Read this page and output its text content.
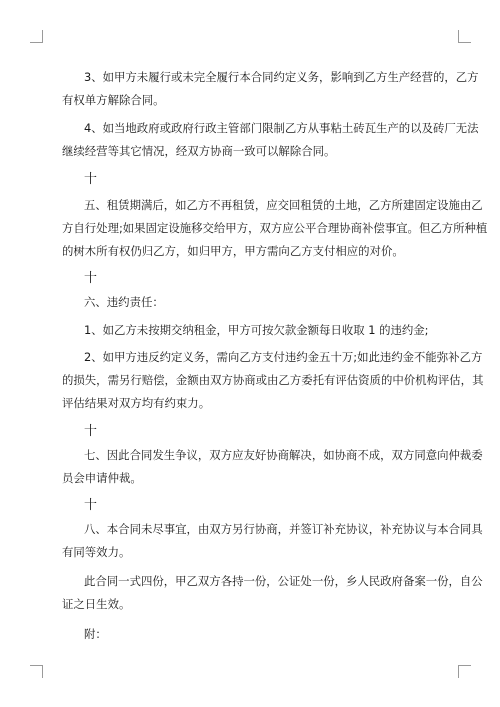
3、如甲方未履行或未完全履行本合同约定义务，影响到乙方生产经营的，乙方
有权单方解除合同。
4、如当地政府或政府行政主管部门限制乙方从事粘土砖瓦生产的以及砖厂无法
继续经营等其它情况，经双方协商一致可以解除合同。
十
五、租赁期满后，如乙方不再租赁，应交回租赁的土地，乙方所建固定设施由乙
方自行处理;如果固定设施移交给甲方，双方应公平合理协商补偿事宜。但乙方所种植
的树木所有权仍归乙方，如归甲方，甲方需向乙方支付相应的对价。
十
六、违约责任：
1、如乙方未按期交纳租金，甲方可按欠款金额每日收取 1 的违约金;
2、如甲方违反约定义务，需向乙方支付违约金五十万;如此违约金不能弥补乙方
的损失，需另行赔偿，金额由双方协商或由乙方委托有评估资质的中价机构评估，其
评估结果对双方均有约束力。
十
七、因此合同发生争议，双方应友好协商解决，如协商不成，双方同意向仲裁委
员会申请仲裁。
十
八、本合同未尽事宜，由双方另行协商，并签订补充协议，补充协议与本合同具
有同等效力。
此合同一式四份，甲乙双方各持一份，公证处一份，乡人民政府备案一份，自公
证之日生效。
附：
